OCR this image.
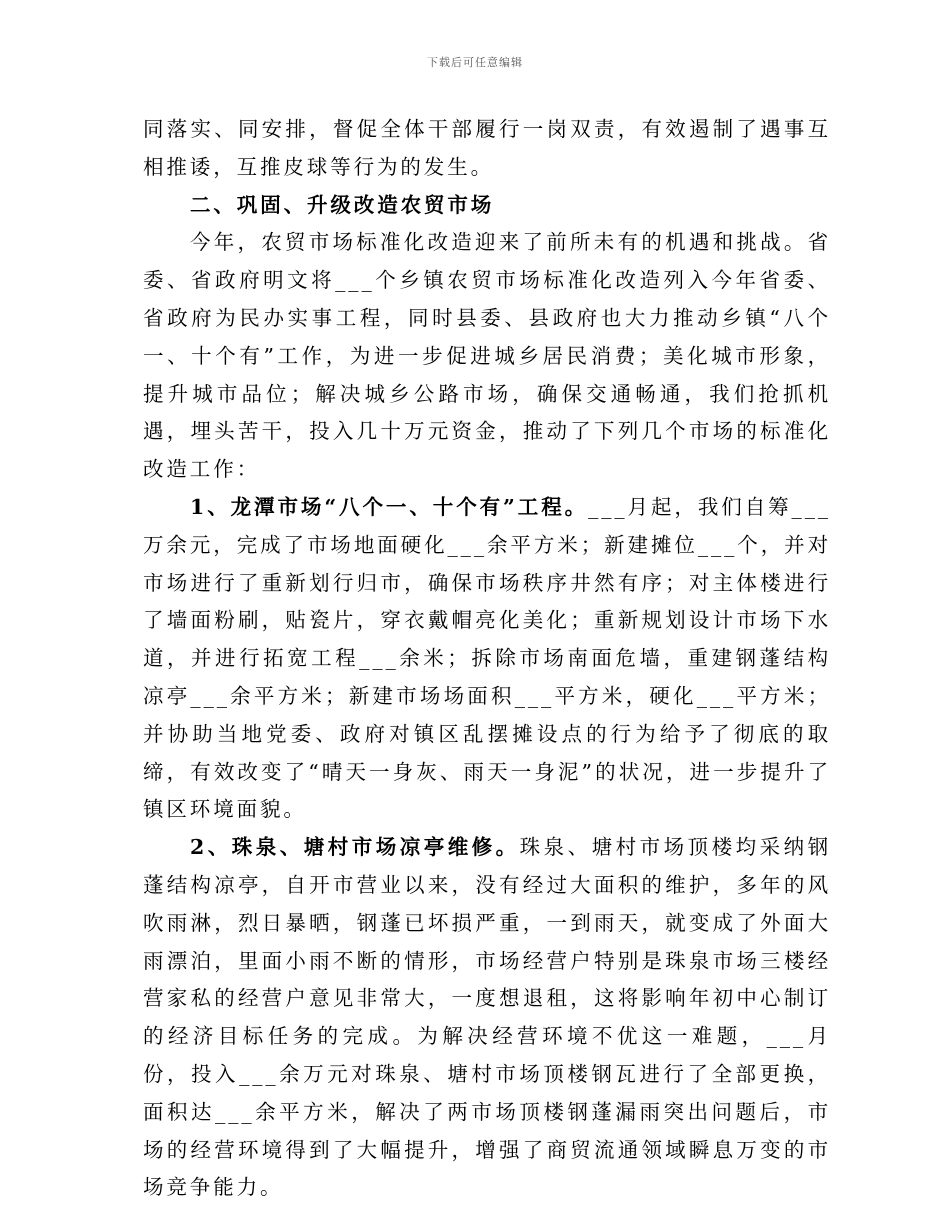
下载后可任意编辑

同落实、同安排，督促全体干部履行一岗双责，有效遏制了遇事互相推诿，互推皮球等行为的发生。

二、巩固、升级改造农贸市场

今年，农贸市场标准化改造迎来了前所未有的机遇和挑战。省委、省政府明文将___个乡镇农贸市场标准化改造列入今年省委、省政府为民办实事工程，同时县委、县政府也大力推动乡镇“八个一、十个有”工作，为进一步促进城乡居民消费；美化城市形象，提升城市品位；解决城乡公路市场，确保交通畅通，我们抢抓机遇，埋头苦干，投入几十万元资金，推动了下列几个市场的标准化改造工作：

1、龙潭市场“八个一、十个有”工程。___月起，我们自筹___万余元，完成了市场地面硬化___余平方米；新建摊位___个，并对市场进行了重新划行归市，确保市场秩序井然有序；对主体楼进行了墙面粉刷，贴瓷片，穿衣戴帽亮化美化；重新规划设计市场下水道，并进行拓宽工程___余米；拆除市场南面危墙，重建钢蓬结构凉亭___余平方米；新建市场场面积___平方米，硬化___平方米；并协助当地党委、政府对镇区乱摆摊设点的行为给予了彻底的取缔，有效改变了“晴天一身灰、雨天一身泥”的状况，进一步提升了镇区环境面貌。

2、珠泉、塘村市场凉亭维修。珠泉、塘村市场顶楼均采纳钢蓬结构凉亭，自开市营业以来，没有经过大面积的维护，多年的风吹雨淋，烈日暴晒，钢蓬已坏损严重，一到雨天，就变成了外面大雨漂泊，里面小雨不断的情形，市场经营户特别是珠泉市场三楼经营家私的经营户意见非常大，一度想退租，这将影响年初中心制订的经济目标任务的完成。为解决经营环境不优这一难题，___月份，投入___余万元对珠泉、塘村市场顶楼钢瓦进行了全部更换，面积达___余平方米，解决了两市场顶楼钢蓬漏雨突出问题后，市场的经营环境得到了大幅提升，增强了商贸流通领域瞬息万变的市场竞争能力。
